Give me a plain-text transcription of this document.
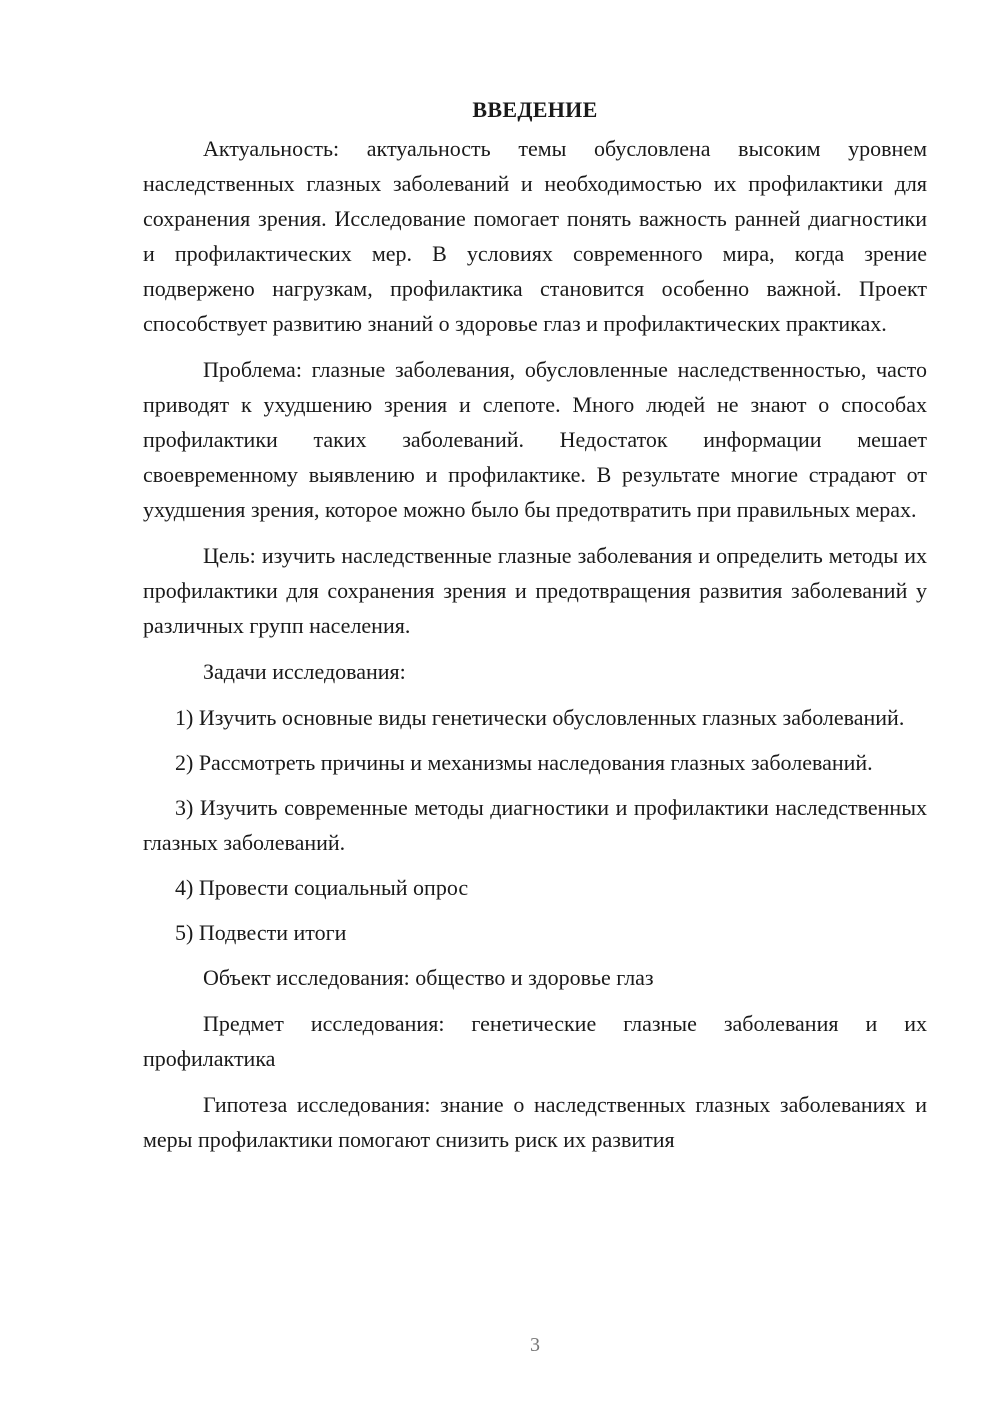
ВВЕДЕНИЕ

Актуальность: актуальность темы обусловлена высоким уровнем наследственных глазных заболеваний и необходимостью их профилактики для сохранения зрения. Исследование помогает понять важность ранней диагностики и профилактических мер. В условиях современного мира, когда зрение подвержено нагрузкам, профилактика становится особенно важной. Проект способствует развитию знаний о здоровье глаз и профилактических практиках.

Проблема: глазные заболевания, обусловленные наследственностью, часто приводят к ухудшению зрения и слепоте. Много людей не знают о способах профилактики таких заболеваний. Недостаток информации мешает своевременному выявлению и профилактике. В результате многие страдают от ухудшения зрения, которое можно было бы предотвратить при правильных мерах.

Цель: изучить наследственные глазные заболевания и определить методы их профилактики для сохранения зрения и предотвращения развития заболеваний у различных групп населения.

Задачи исследования:

1) Изучить основные виды генетически обусловленных глазных заболеваний.

2) Рассмотреть причины и механизмы наследования глазных заболеваний.

3) Изучить современные методы диагностики и профилактики наследственных глазных заболеваний.

4) Провести социальный опрос

5) Подвести итоги

Объект исследования: общество и здоровье глаз

Предмет исследования: генетические глазные заболевания и их профилактика

Гипотеза исследования: знание о наследственных глазных заболеваниях и меры профилактики помогают снизить риск их развития

3
